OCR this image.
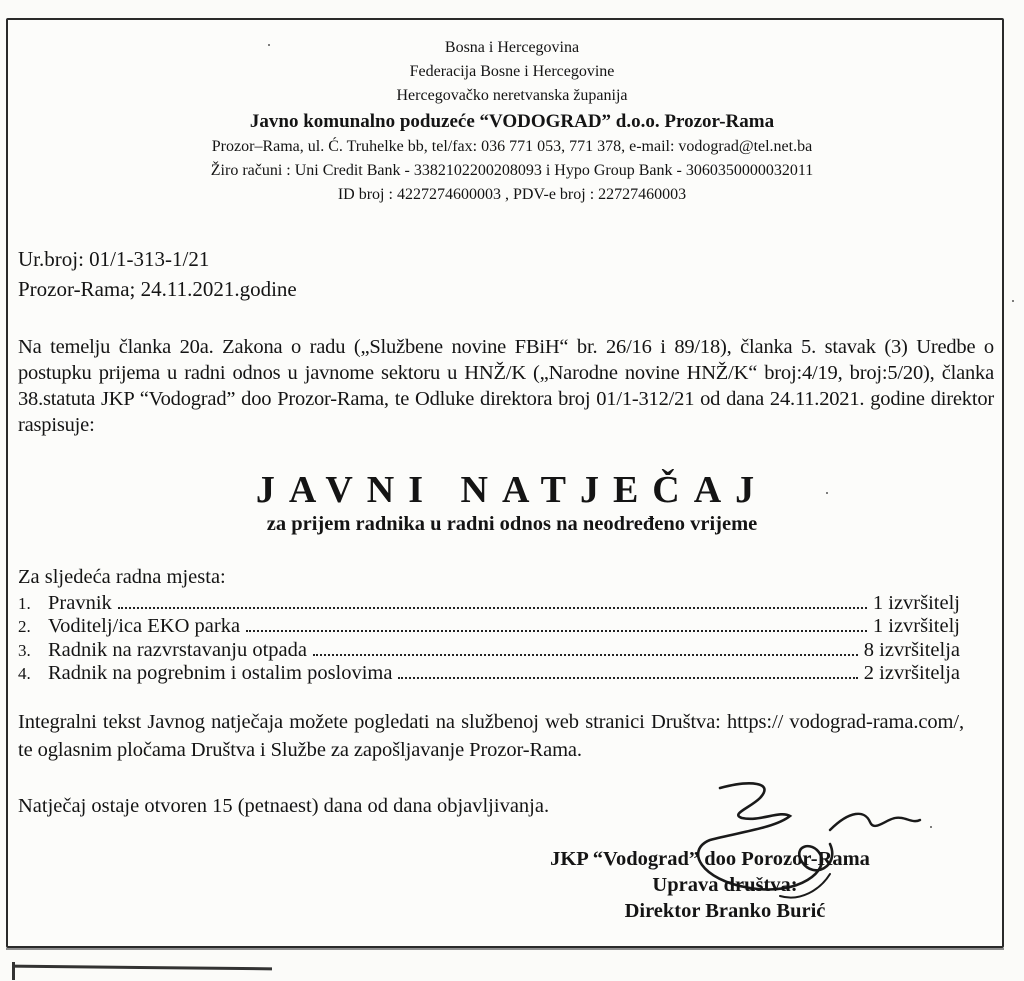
Bosna i Hercegovina
Federacija Bosne i Hercegovine
Hercegovačko neretvanska županija
Javno komunalno poduzeće “VODOGRAD” d.o.o. Prozor-Rama
Prozor–Rama, ul. Ć. Truhelke bb, tel/fax: 036 771 053, 771 378, e-mail: vodograd@tel.net.ba
Žiro računi : Uni Credit Bank - 3382102200208093 i Hypo Group Bank - 3060350000032011
ID broj : 4227274600003 , PDV-e broj : 22727460003
Ur.broj: 01/1-313-1/21
Prozor-Rama; 24.11.2021.godine
Na temelju članka 20a. Zakona o radu („Službene novine FBiH“ br. 26/16 i 89/18), članka 5. stavak (3) Uredbe o postupku prijema u radni odnos u javnome sektoru u HNŽ/K („Narodne novine HNŽ/K“ broj:4/19, broj:5/20), članka 38.statuta JKP “Vodograd” doo Prozor-Rama, te Odluke direktora broj 01/1-312/21 od dana 24.11.2021. godine direktor raspisuje:
JAVNI NATJEČAJ
za prijem radnika u radni odnos na neodređeno vrijeme
Za sljedeća radna mjesta:
1. Pravnik	1 izvršitelj
2. Voditelj/ica EKO parka	1 izvršitelj
3. Radnik na razvrstavanju otpada	8 izvršitelja
4. Radnik na pogrebnim i ostalim poslovima	2 izvršitelja
Integralni tekst Javnog natječaja možete pogledati na službenoj web stranici Društva: https:// vodograd-rama.com/, te oglasnim pločama Društva i Službe za zapošljavanje Prozor-Rama.
Natječaj ostaje otvoren 15 (petnaest) dana od dana objavljivanja.
JKP “Vodograd” doo Porozor-Rama
Uprava društva:
Direktor Branko Burić
